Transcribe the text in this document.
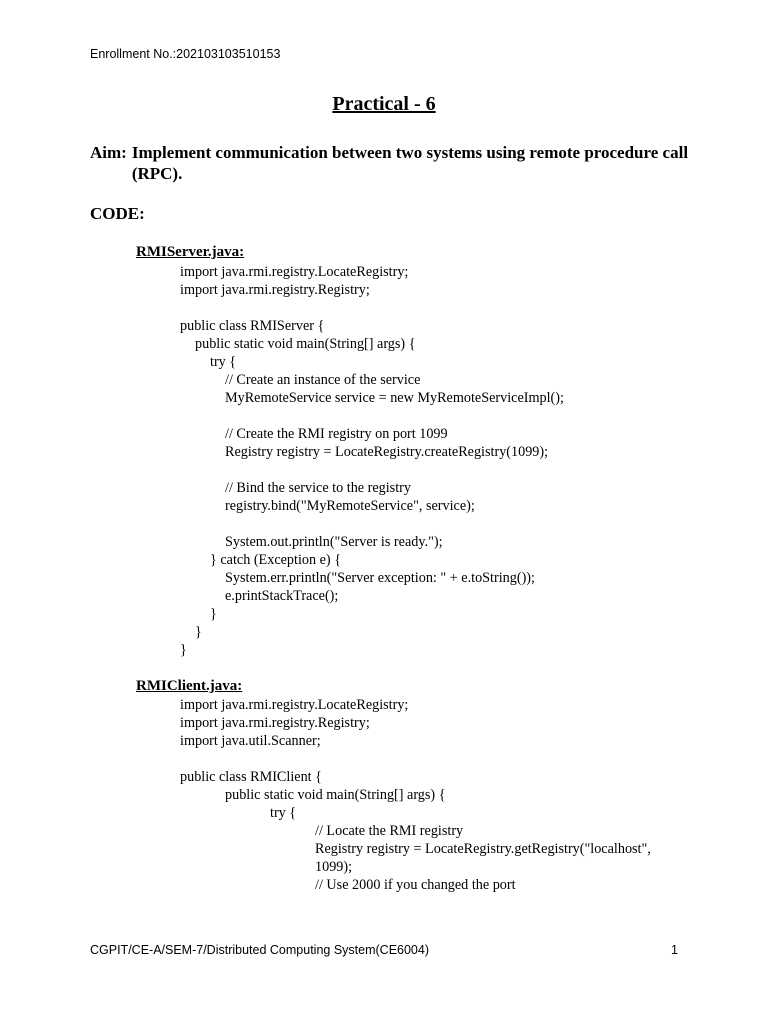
Enrollment No.:202103103510153
Practical - 6
Aim: Implement communication between two systems using remote procedure call (RPC).
CODE:
RMIServer.java:
import java.rmi.registry.LocateRegistry;
import java.rmi.registry.Registry;
public class RMIServer {
public static void main(String[] args) {
try {
// Create an instance of the service
MyRemoteService service = new MyRemoteServiceImpl();
// Create the RMI registry on port 1099
Registry registry = LocateRegistry.createRegistry(1099);
// Bind the service to the registry
registry.bind("MyRemoteService", service);
System.out.println("Server is ready.");
} catch (Exception e) {
System.err.println("Server exception: " + e.toString());
e.printStackTrace();
}
}
}
RMIClient.java:
import java.rmi.registry.LocateRegistry;
import java.rmi.registry.Registry;
import java.util.Scanner;
public class RMIClient {
public static void main(String[] args) {
try {
// Locate the RMI registry
Registry registry = LocateRegistry.getRegistry("localhost",
1099);
// Use 2000 if you changed the port
CGPIT/CE-A/SEM-7/Distributed Computing System(CE6004)	1
